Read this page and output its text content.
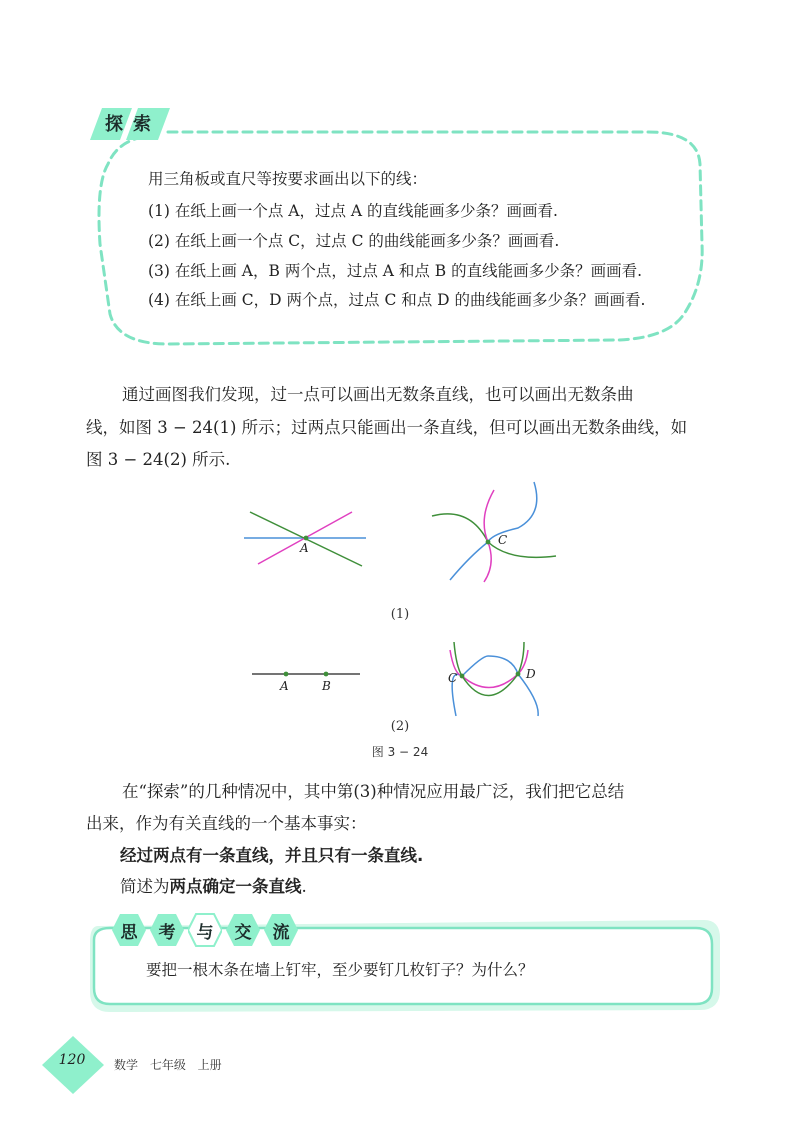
探索
用三角板或直尺等按要求画出以下的线：
(1) 在纸上画一个点 A，过点 A 的直线能画多少条？画画看.
(2) 在纸上画一个点 C，过点 C 的曲线能画多少条？画画看.
(3) 在纸上画 A，B 两个点，过点 A 和点 B 的直线能画多少条？画画看.
(4) 在纸上画 C，D 两个点，过点 C 和点 D 的曲线能画多少条？画画看.
通过画图我们发现，过一点可以画出无数条直线，也可以画出无数条曲
线，如图 3 − 24(1) 所示；过两点只能画出一条直线，但可以画出无数条曲线，如
图 3 − 24(2) 所示.
A
C
(1)
A	B
C	D
(2)
图 3 − 24
在“探索”的几种情况中，其中第(3)种情况应用最广泛，我们把它总结
出来，作为有关直线的一个基本事实：
经过两点有一条直线，并且只有一条直线.
简述为两点确定一条直线.
思 考 与 交 流
要把一根木条在墙上钉牢，至少要钉几枚钉子？为什么？
120	数学 七年级 上册
